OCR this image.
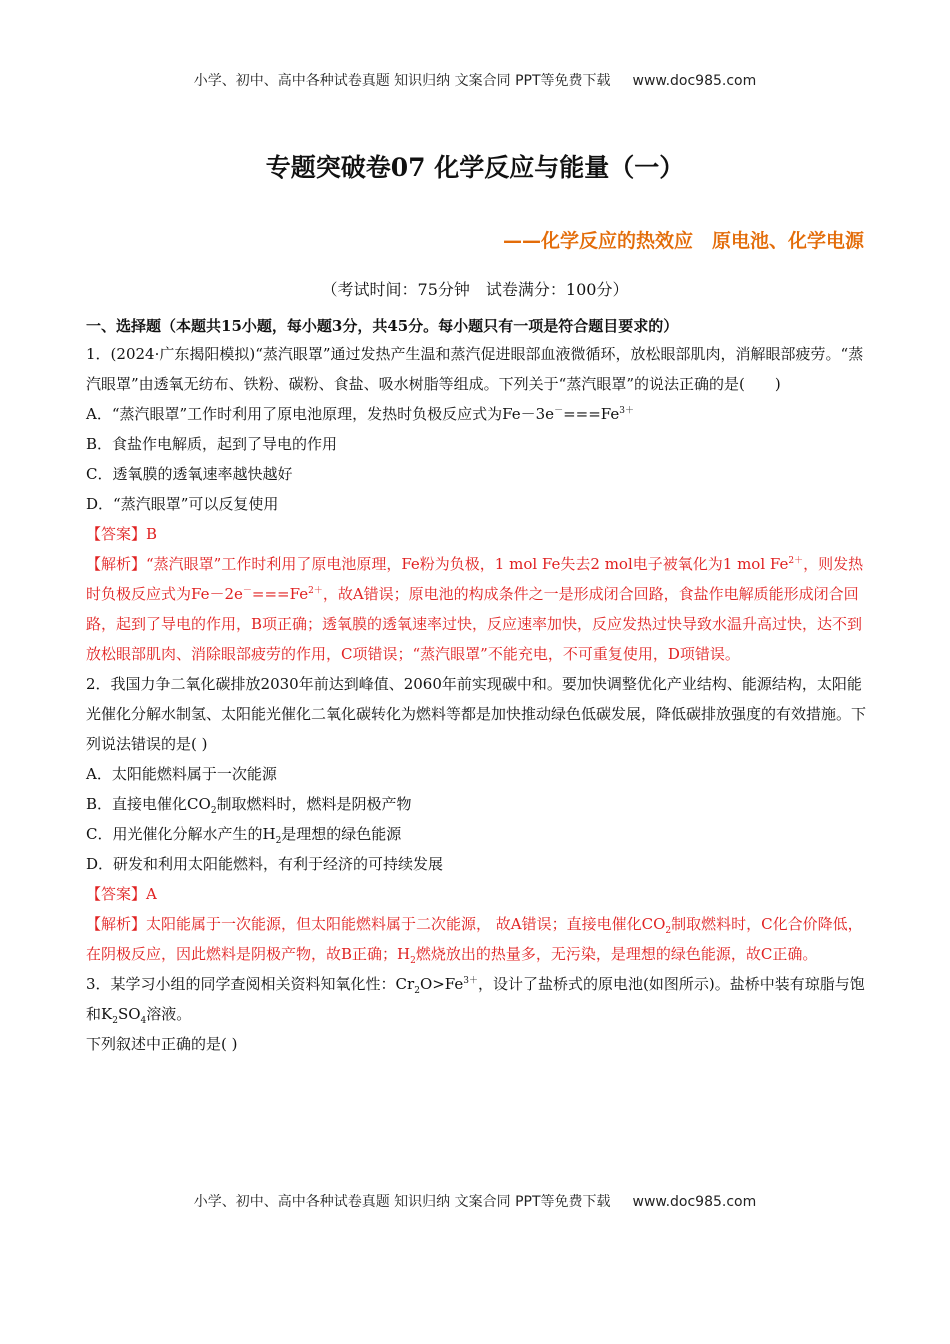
小学、初中、高中各种试卷真题 知识归纳 文案合同 PPT等免费下载 www.doc985.com
专题突破卷07 化学反应与能量（一）
——化学反应的热效应　原电池、化学电源
（考试时间：75分钟　试卷满分：100分）

一、选择题（本题共15小题，每小题3分，共45分。每小题只有一项是符合题目要求的）

1．(2024·广东揭阳模拟)“蒸汽眼罩”通过发热产生温和蒸汽促进眼部血液微循环，放松眼部肌肉，消解眼部疲劳。“蒸汽眼罩”由透氧无纺布、铁粉、碳粉、食盐、吸水树脂等组成。下列关于“蒸汽眼罩”的说法正确的是(　　)

A．“蒸汽眼罩”工作时利用了原电池原理，发热时负极反应式为$Fe-3e^-===Fe^{3+}$

B．食盐作电解质，起到了导电的作用

C．透氧膜的透氧速率越快越好

D．“蒸汽眼罩”可以反复使用

【答案】B

【解析】“蒸汽眼罩”工作时利用了原电池原理，Fe粉为负极，1 mol Fe失去2 mol电子被氧化为1 mol $Fe^{2+}$，则发热时负极反应式为$Fe-2e^-===Fe^{2+}$，故A错误；原电池的构成条件之一是形成闭合回路，食盐作电解质能形成闭合回路，起到了导电的作用，B项正确；透氧膜的透氧速率过快，反应速率加快，反应发热过快导致水温升高过快，达不到放松眼部肌肉、消除眼部疲劳的作用，C项错误；“蒸汽眼罩”不能充电，不可重复使用，D项错误。

2．我国力争二氧化碳排放2030年前达到峰值、2060年前实现碳中和。要加快调整优化产业结构、能源结构，太阳能光催化分解水制氢、太阳能光催化二氧化碳转化为燃料等都是加快推动绿色低碳发展，降低碳排放强度的有效措施。下列说法错误的是( )

A．太阳能燃料属于一次能源

B．直接电催化$CO_2$制取燃料时，燃料是阴极产物

C．用光催化分解水产生的$H_2$是理想的绿色能源

D．研发和利用太阳能燃料，有利于经济的可持续发展

【答案】A

【解析】太阳能属于一次能源，但太阳能燃料属于二次能源， 故A错误；直接电催化$CO_2$制取燃料时，C化合价降低，在阴极反应，因此燃料是阴极产物，故B正确；$H_2$燃烧放出的热量多，无污染，是理想的绿色能源，故C正确。

3．某学习小组的同学查阅相关资料知氧化性：$Cr_2O>Fe^{3+}$，设计了盐桥式的原电池(如图所示)。盐桥中装有琼脂与饱和$K_2SO_4$溶液。

下列叙述中正确的是( )

小学、初中、高中各种试卷真题 知识归纳 文案合同 PPT等免费下载 www.doc985.com
